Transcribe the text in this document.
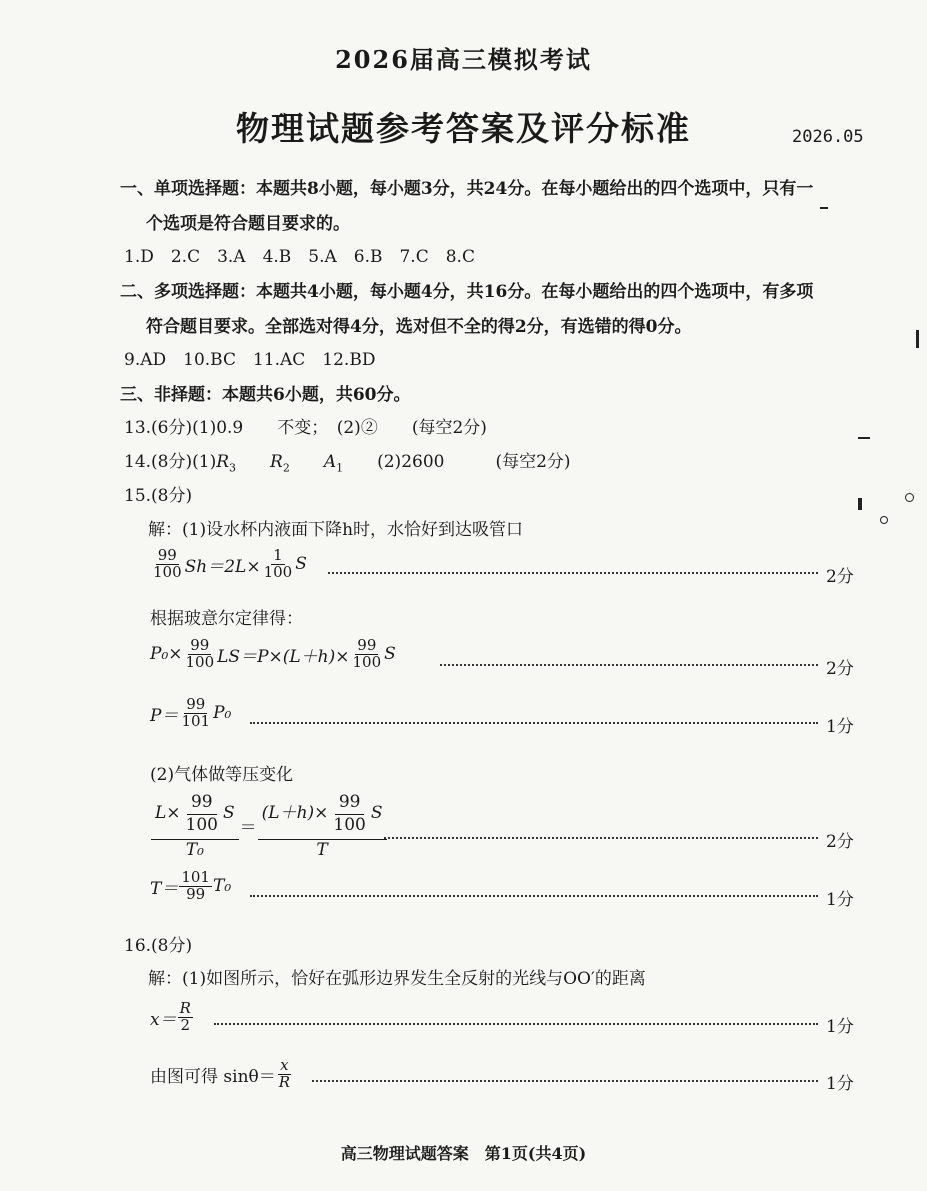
2026届高三模拟考试
物理试题参考答案及评分标准	2026.05
一、单项选择题：本题共8小题，每小题3分，共24分。在每小题给出的四个选项中，只有一
个选项是符合题目要求的。
1.D　2.C　3.A　4.B　5.A　6.B　7.C　8.C
二、多项选择题：本题共4小题，每小题4分，共16分。在每小题给出的四个选项中，有多项
符合题目要求。全部选对得4分，选对但不全的得2分，有选错的得0分。
9.AD　10.BC　11.AC　12.BD
三、非择题：本题共6小题，共60分。
13.(6分)(1)0.9　　不变；　(2)②　　(每空2分)
14.(8分)$(1)R_3$ $R_2$ $A_1$ (2)2600　　　(每空2分)
15.(8分)
解：(1)设水杯内液面下降h时，水恰好到达吸管口
$\frac{99}{100} Sh=2L\times \frac{1}{100}$ S
2分
根据玻意尔定律得：
$P_0\times \frac{99}{100} LS=P\times(L+h)\times \frac{99}{100}$ S
2分
$P= \frac{99}{101} P_0$
1分
(2)气体做等压变化
$\frac{L\times \frac{99}{100} S}{\text{T₀}} = \frac{(L+h)\times \frac{99}{100} S}{T}$	2分
$T= \frac{101}{99} T_0$
1分
16.(8分)
解：(1)如图所示，恰好在弧形边界发生全反射的光线与OO′的距离
$x= \frac{R}{2}$	1分
由图可得 $\sin\theta= \frac{x}{R}$	1分
高三物理试题答案　第1页(共4页)
